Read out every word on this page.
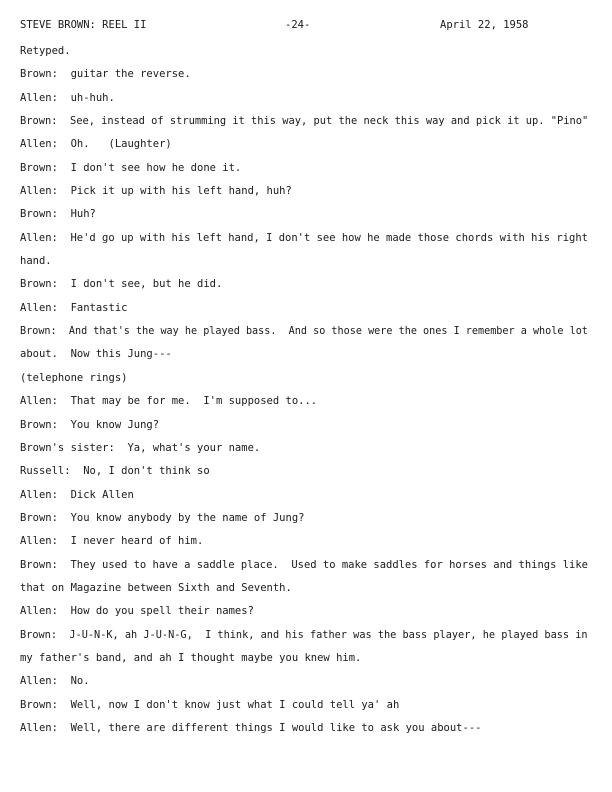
STEVE BROWN: REEL II	-24-	April 22, 1958
Retyped.
Brown:  guitar the reverse.
Allen:  uh-huh.
Brown:  See, instead of strumming it this way, put the neck this way and pick it up. "Pino"
Allen:  Oh.   (Laughter)
Brown:  I don't see how he done it.
Allen:  Pick it up with his left hand, huh?
Brown:  Huh?
Allen:  He'd go up with his left hand, I don't see how he made those chords with his right
hand.
Brown:  I don't see, but he did.
Allen:  Fantastic
Brown:  And that's the way he played bass.  And so those were the ones I remember a whole lot
about.  Now this Jung---
(telephone rings)
Allen:  That may be for me.  I'm supposed to...
Brown:  You know Jung?
Brown's sister:  Ya, what's your name.
Russell:  No, I don't think so
Allen:  Dick Allen
Brown:  You know anybody by the name of Jung?
Allen:  I never heard of him.
Brown:  They used to have a saddle place.  Used to make saddles for horses and things like
that on Magazine between Sixth and Seventh.
Allen:  How do you spell their names?
Brown:  J-U-N-K, ah J-U-N-G,  I think, and his father was the bass player, he played bass in
my father's band, and ah I thought maybe you knew him.
Allen:  No.
Brown:  Well, now I don't know just what I could tell ya' ah
Allen:  Well, there are different things I would like to ask you about---
